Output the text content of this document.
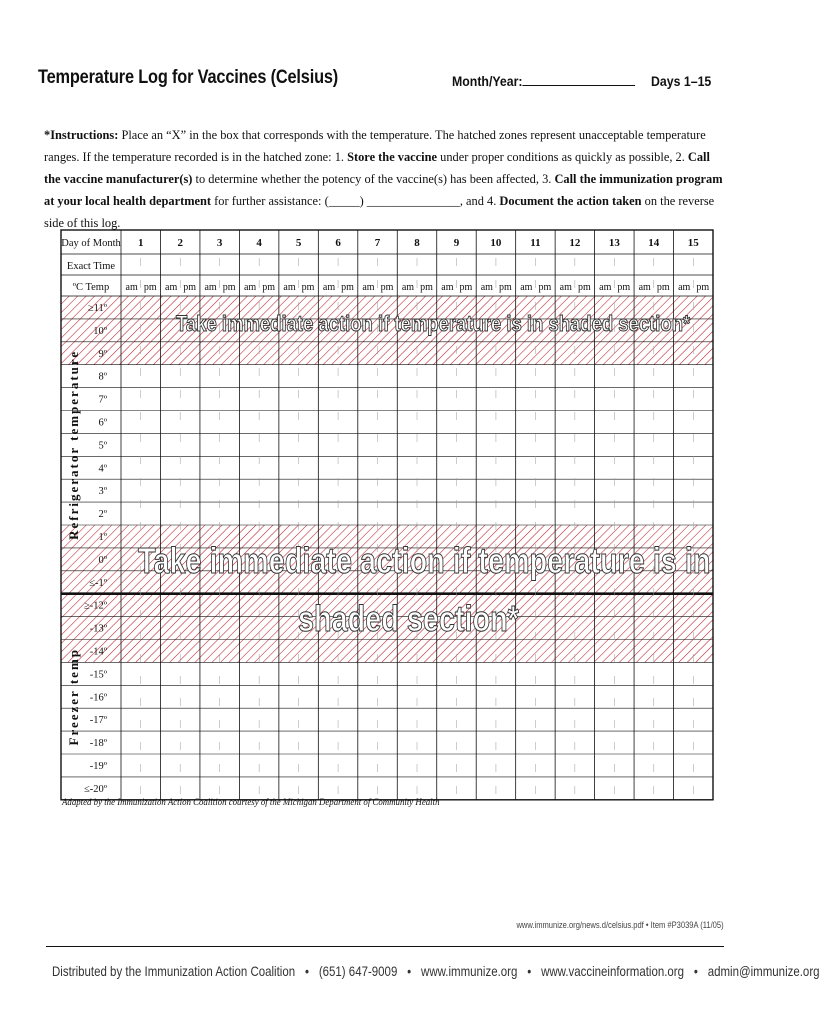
Temperature Log for Vaccines (Celsius)	Month/Year:	Days 1–15
*Instructions: Place an “X” in the box that corresponds with the temperature. The hatched zones represent unacceptable temperature ranges. If the temperature recorded is in the hatched zone: 1. Store the vaccine under proper conditions as quickly as possible, 2. Call the vaccine manufacturer(s) to determine whether the potency of the vaccine(s) has been affected, 3. Call the immunization program at your local health department for further assistance: (_____) _______________, and 4. Document the action taken on the reverse side of this log.
Day of Month
Exact Time
ºC Temp
1
am pm
2
am pm
3
am pm
4
am pm
5
am pm
6
am pm
7
am pm
8
am pm
9
am pm
10
am pm
11
am pm
12
am pm
13
am pm
14
am pm
15
am pm
≥11º
10º
9º
8º
7º
6º
5º
4º
3º
2º
1º
0º
≤-1º
≥-12º
-13º
-14º
-15º
-16º
-17º
-18º
-19º
≤-20º
Refrigerator temperature
Freezer temp
Take immediate action if temperature is in shaded section*
Take immediate action if temperature is in
shaded section*
Adapted by the Immunization Action Coalition courtesy of the Michigan Department of Community Health
www.immunize.org/news.d/celsius.pdf • Item #P3039A (11/05)
Distributed by the Immunization Action Coalition • (651) 647-9009 • www.immunize.org • www.vaccineinformation.org • admin@immunize.org
